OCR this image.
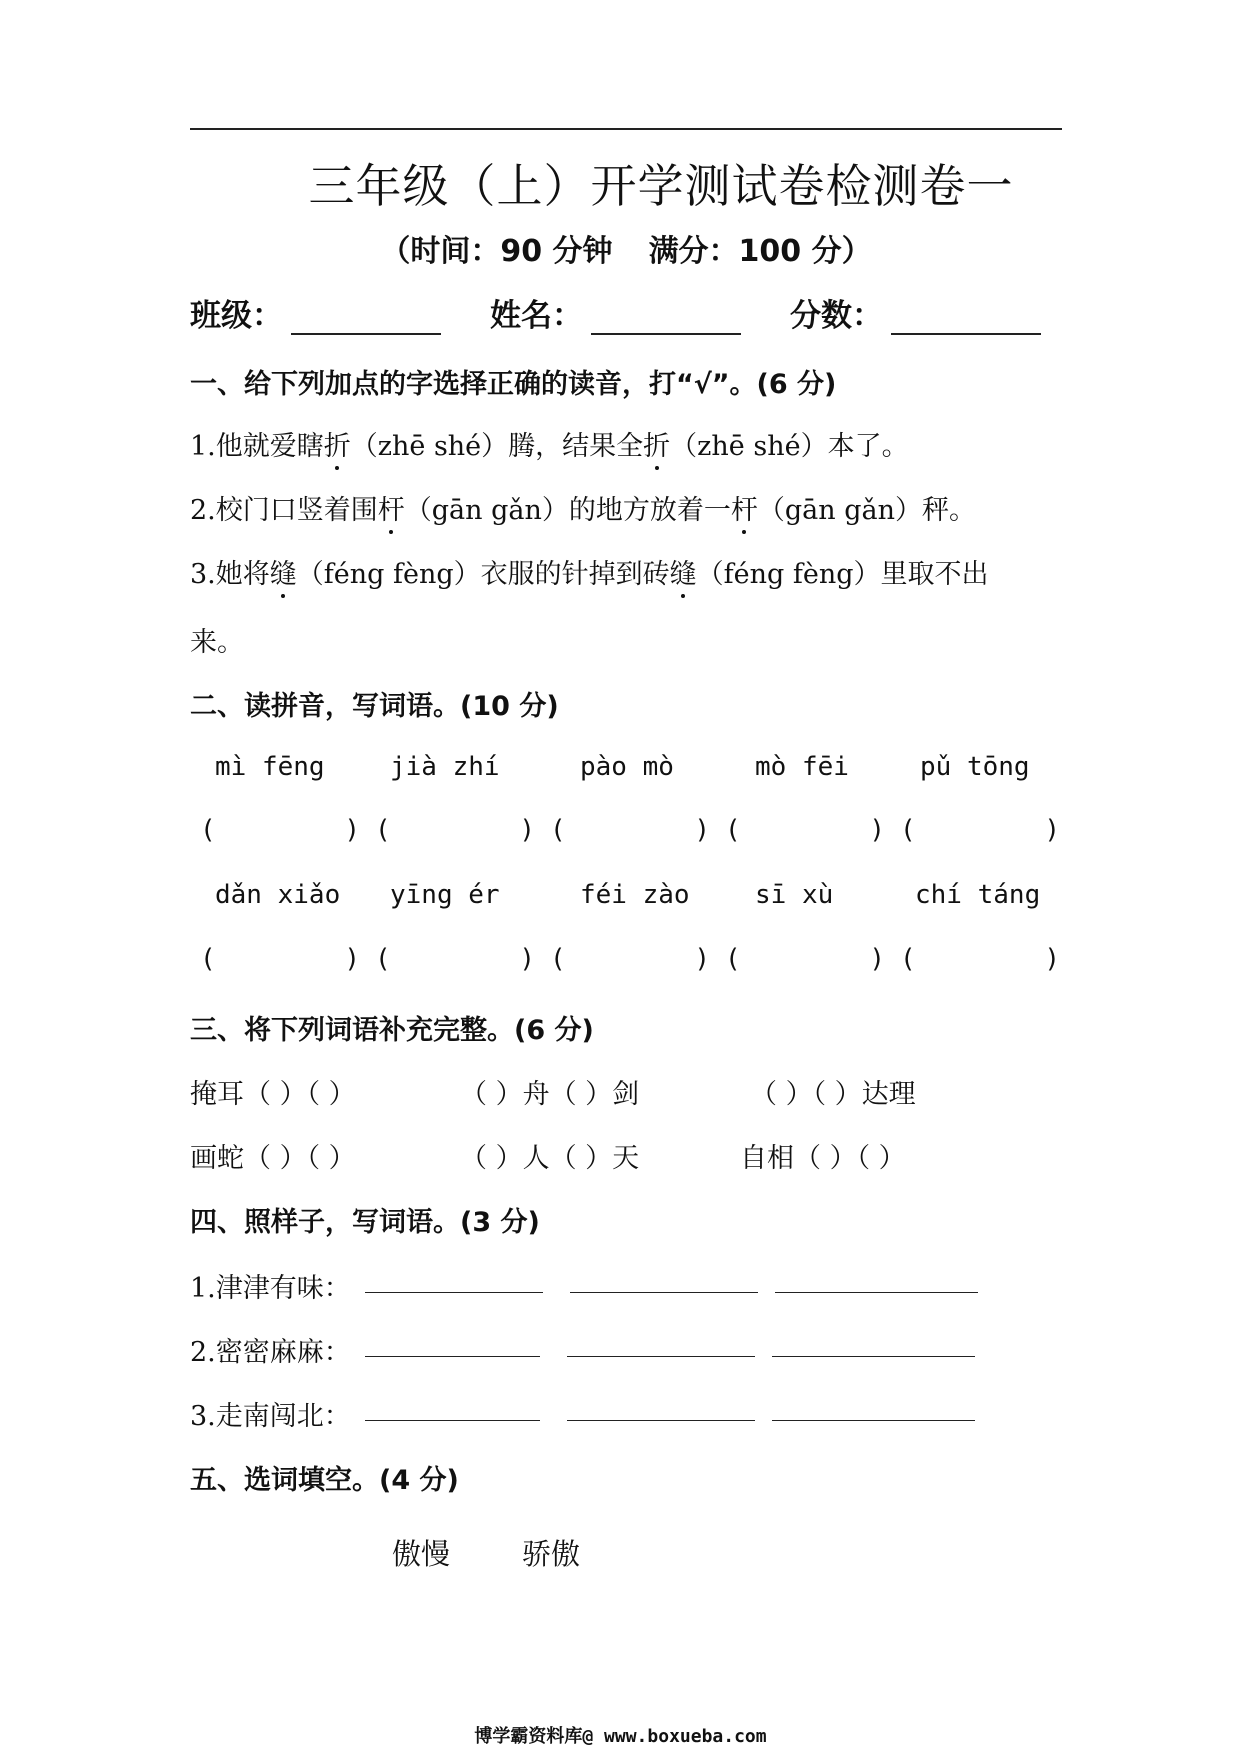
三年级（上）开学测试卷检测卷一
（时间：90 分钟 满分：100 分）
班级：	姓名：	分数：
一、给下列加点的字选择正确的读音，打“√”。(6 分)
1.他就爱瞎折（zhē shé）腾，结果全折（zhē shé）本了。
2.校门口竖着围杆（gān gǎn）的地方放着一杆（gān gǎn）秤。
3.她将缝（féng fèng）衣服的针掉到砖缝（féng fèng）里取不出
来。
二、读拼音，写词语。(10 分)
mì fēng	jià zhí	pào mò	mò fēi	pǔ tōng
(	) (	) (	) (	) (	)
dǎn xiǎo	yīng ér	féi zào	sī xù	chí táng
(	) (	) (	) (	) (	)
三、将下列词语补充完整。(6 分)
掩耳（ ）（ ）	（ ）舟（ ）剑	（ ）（ ）达理
画蛇（ ）（ ）	（ ）人（ ）天	自相（ ）（ ）
四、照样子，写词语。(3 分)
1.津津有味：
2.密密麻麻：
3.走南闯北：
五、选词填空。(4 分)
傲慢 骄傲
博学霸资料库@ www.boxueba.com
